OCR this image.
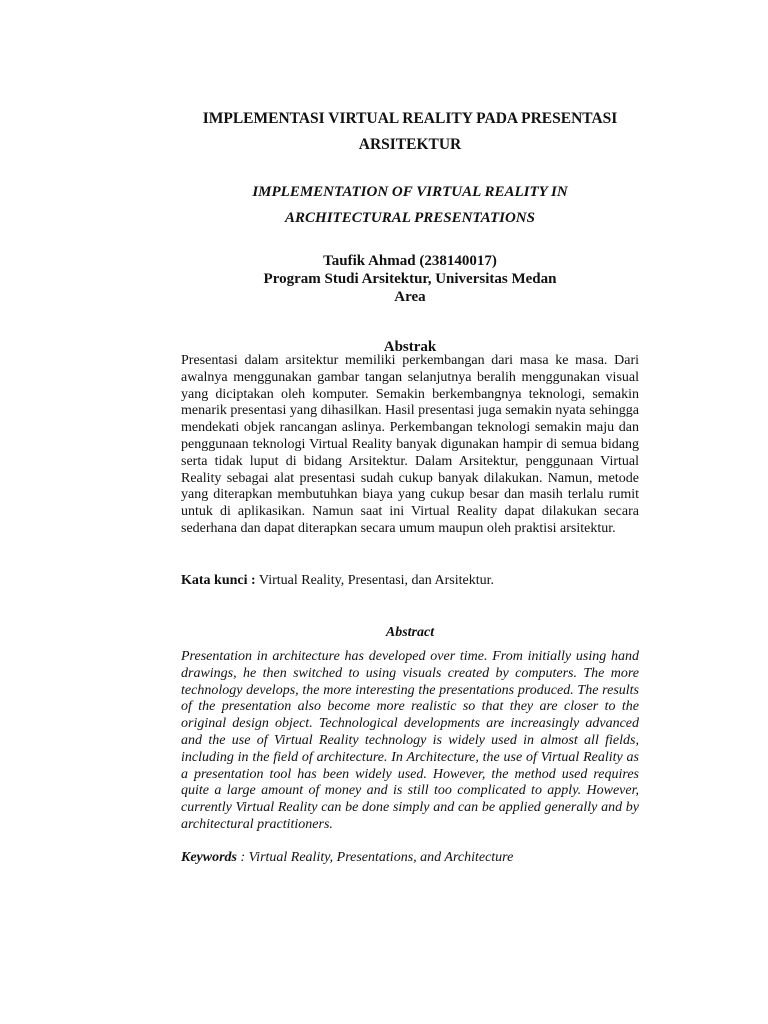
IMPLEMENTASI VIRTUAL REALITY PADA PRESENTASI
ARSITEKTUR
IMPLEMENTATION OF VIRTUAL REALITY IN
ARCHITECTURAL PRESENTATIONS
Taufik Ahmad (238140017)
Program Studi Arsitektur, Universitas Medan
Area
Abstrak
Presentasi dalam arsitektur memiliki perkembangan dari masa ke masa. Dari awalnya menggunakan gambar tangan selanjutnya beralih menggunakan visual yang diciptakan oleh komputer. Semakin berkembangnya teknologi, semakin menarik presentasi yang dihasilkan. Hasil presentasi juga semakin nyata sehingga mendekati objek rancangan aslinya. Perkembangan teknologi semakin maju dan penggunaan teknologi Virtual Reality banyak digunakan hampir di semua bidang serta tidak luput di bidang Arsitektur. Dalam Arsitektur, penggunaan Virtual Reality sebagai alat presentasi sudah cukup banyak dilakukan. Namun, metode yang diterapkan membutuhkan biaya yang cukup besar dan masih terlalu rumit untuk di aplikasikan. Namun saat ini Virtual Reality dapat dilakukan secara sederhana dan dapat diterapkan secara umum maupun oleh praktisi arsitektur.
Kata kunci : Virtual Reality, Presentasi, dan Arsitektur.
Abstract
Presentation in architecture has developed over time. From initially using hand drawings, he then switched to using visuals created by computers. The more technology develops, the more interesting the presentations produced. The results of the presentation also become more realistic so that they are closer to the original design object. Technological developments are increasingly advanced and the use of Virtual Reality technology is widely used in almost all fields, including in the field of architecture. In Architecture, the use of Virtual Reality as a presentation tool has been widely used. However, the method used requires quite a large amount of money and is still too complicated to apply. However, currently Virtual Reality can be done simply and can be applied generally and by architectural practitioners.
Keywords : Virtual Reality, Presentations, and Architecture
